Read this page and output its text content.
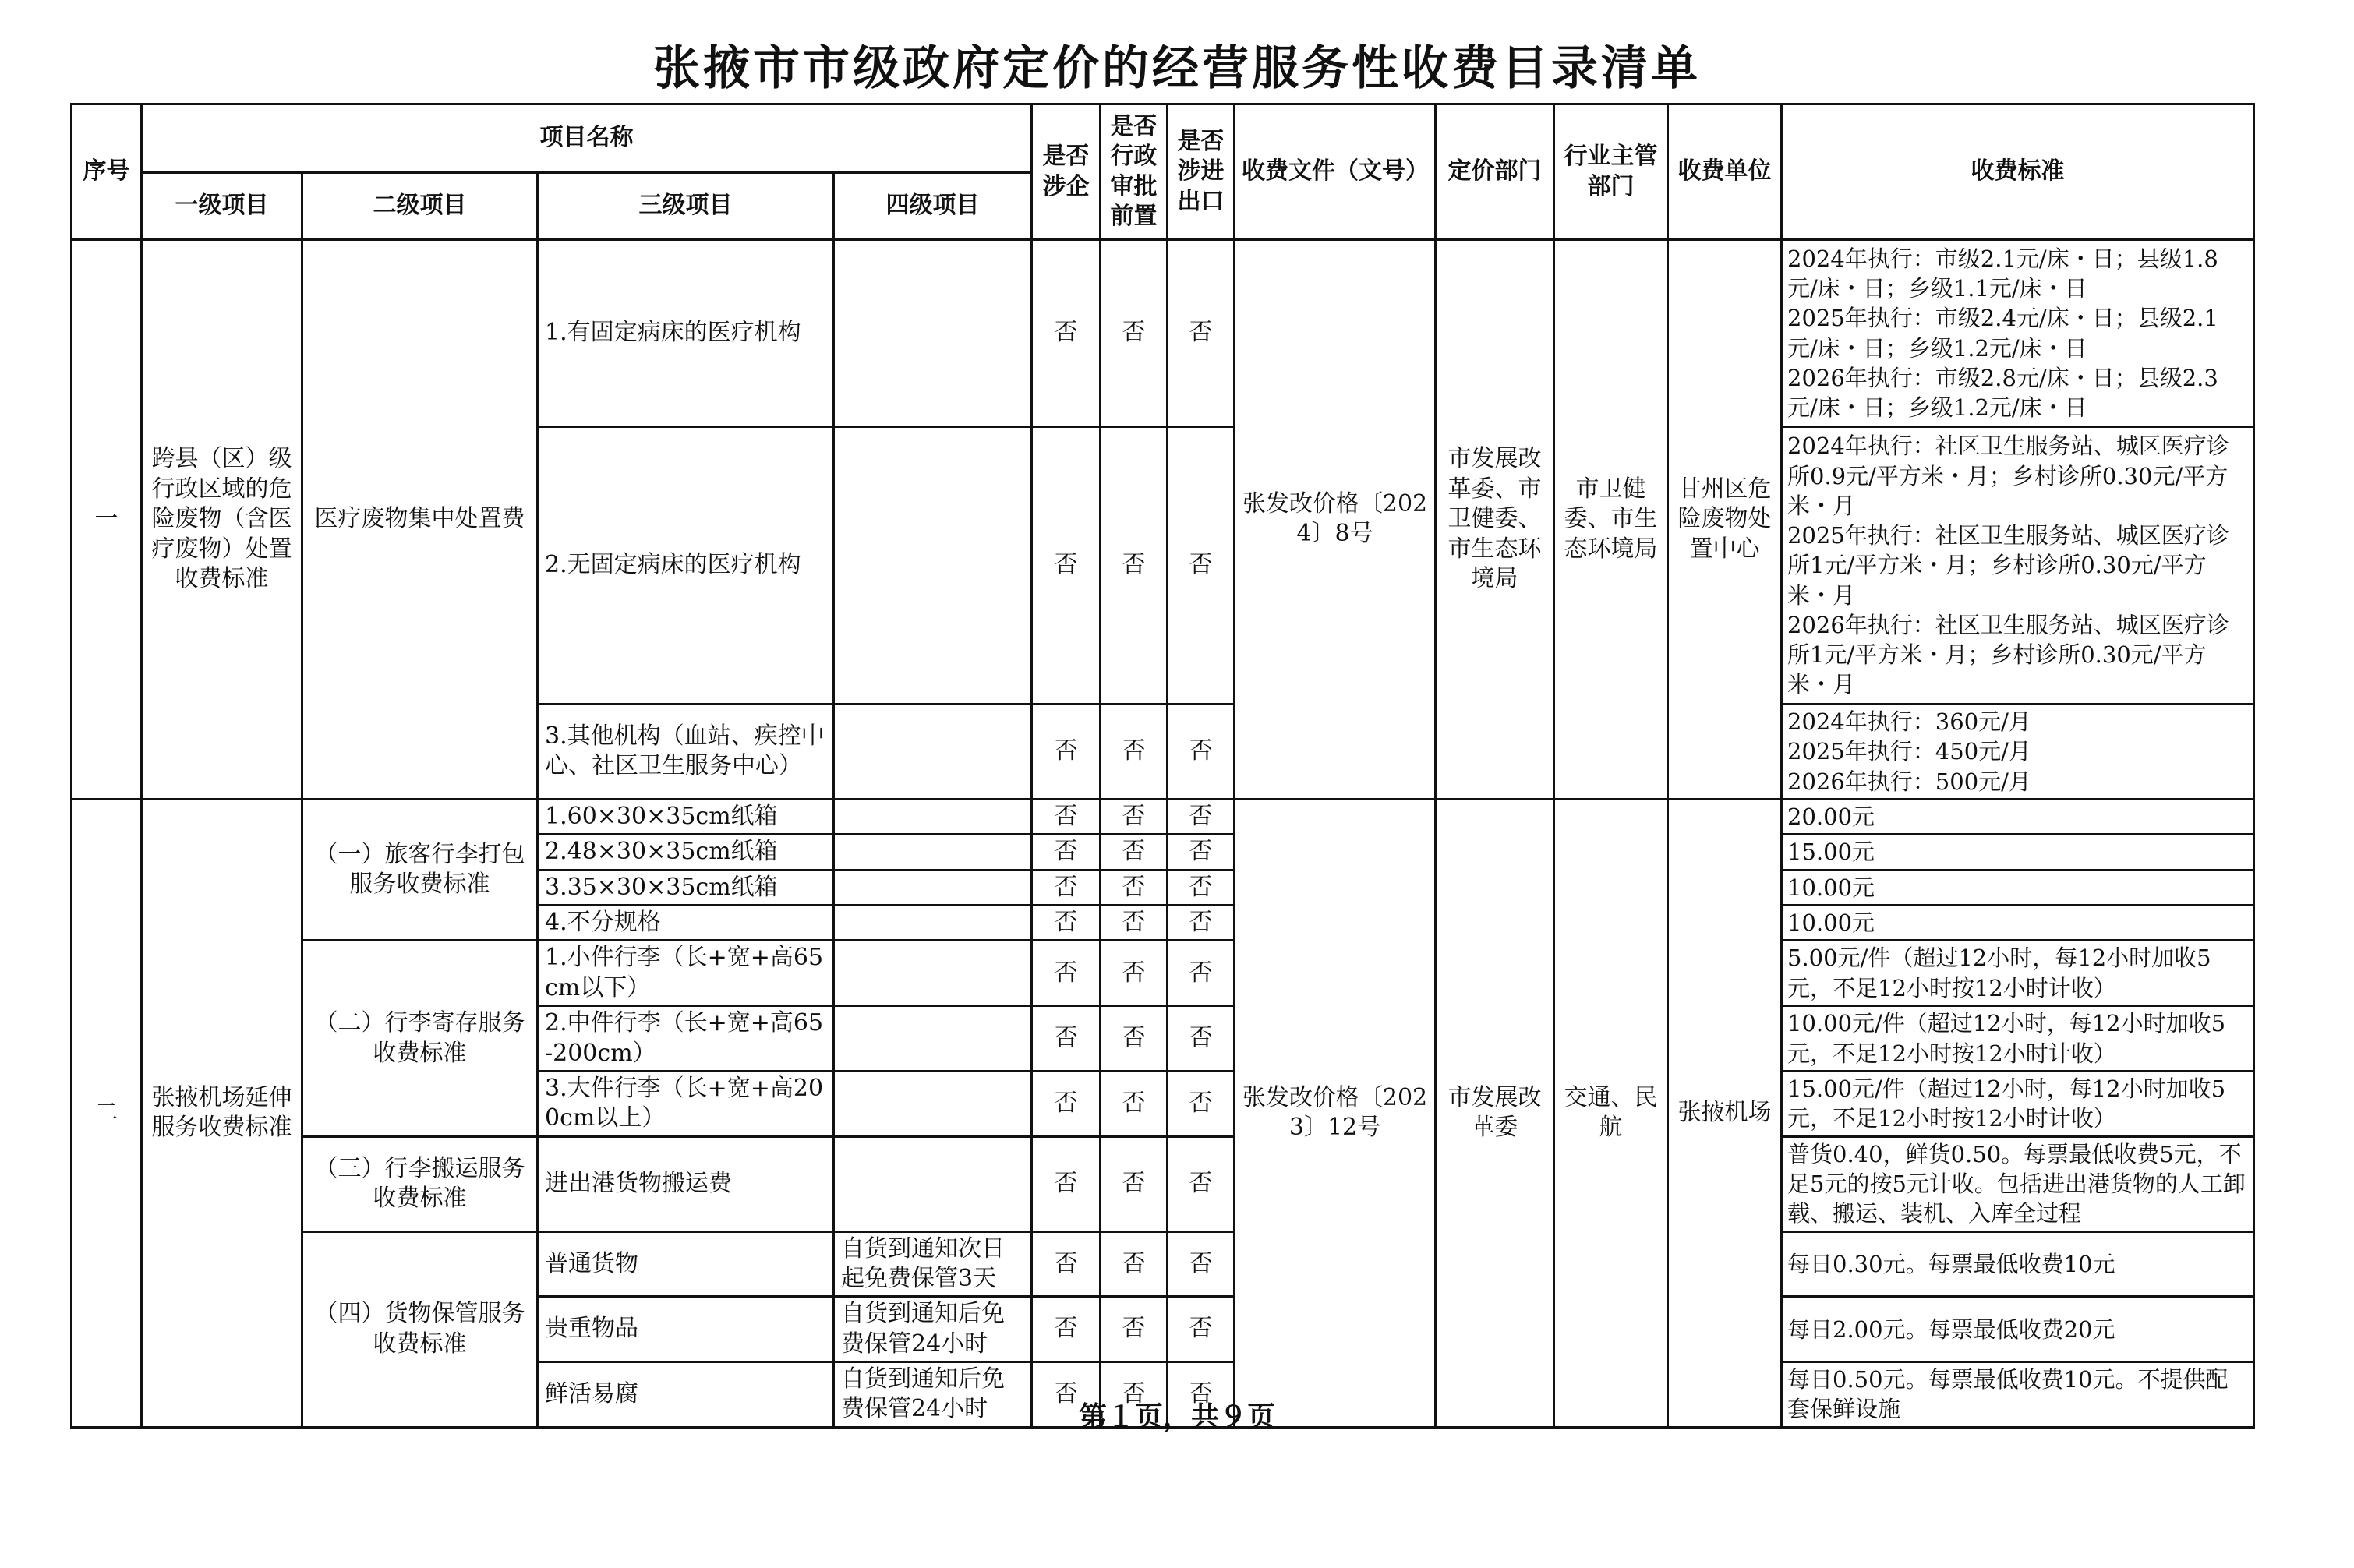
张掖市市级政府定价的经营服务性收费目录清单
序号	项目名称				是否涉企	是否行政审批前置	是否涉进出口	收费文件（文号）	定价部门	行业主管部门	收费单位	收费标准
	一级项目	二级项目	三级项目	四级项目								
一	跨县（区）级行政区域的危险废物（含医疗废物）处置收费标准	医疗废物集中处置费	1.有固定病床的医疗机构		否	否	否	张发改价格〔2024〕8号	市发展改革委、市卫健委、市生态环境局	市卫健委、市生态环境局	甘州区危险废物处置中心	2024年执行：市级2.1元/床・日；县级1.8元/床・日；乡级1.1元/床・日
2025年执行：市级2.4元/床・日；县级2.1元/床・日；乡级1.2元/床・日
2026年执行：市级2.8元/床・日；县级2.3元/床・日；乡级1.2元/床・日
			2.无固定病床的医疗机构		否	否	否					2024年执行：社区卫生服务站、城区医疗诊所0.9元/平方米・月；乡村诊所0.30元/平方米・月
2025年执行：社区卫生服务站、城区医疗诊所1元/平方米・月；乡村诊所0.30元/平方米・月
2026年执行：社区卫生服务站、城区医疗诊所1元/平方米・月；乡村诊所0.30元/平方米・月
			3.其他机构（血站、疾控中心、社区卫生服务中心）		否	否	否					2024年执行：360元/月
2025年执行：450元/月
2026年执行：500元/月
二	张掖机场延伸服务收费标准	（一）旅客行李打包服务收费标准	1.60×30×35cm纸箱		否	否	否	张发改价格〔2023〕12号	市发展改革委	交通、民航	张掖机场	20.00元
			2.48×30×35cm纸箱		否	否	否					15.00元
			3.35×30×35cm纸箱		否	否	否					10.00元
			4.不分规格		否	否	否					10.00元
		（二）行李寄存服务收费标准	1.小件行李（长+宽+高65cm以下）		否	否	否					5.00元/件（超过12小时，每12小时加收5元，不足12小时按12小时计收）
			2.中件行李（长+宽+高65-200cm）		否	否	否					10.00元/件（超过12小时，每12小时加收5元，不足12小时按12小时计收）
			3.大件行李（长+宽+高200cm以上）		否	否	否					15.00元/件（超过12小时，每12小时加收5元，不足12小时按12小时计收）
		（三）行李搬运服务收费标准	进出港货物搬运费		否	否	否					普货0.40，鲜货0.50。每票最低收费5元，不足5元的按5元计收。包括进出港货物的人工卸载、搬运、装机、入库全过程
		（四）货物保管服务收费标准	普通货物	自货到通知次日起免费保管3天	否	否	否					每日0.30元。每票最低收费10元
			贵重物品	自货到通知后免费保管24小时	否	否	否					每日2.00元。每票最低收费20元
			鲜活易腐	自货到通知后免费保管24小时	否	否	否					每日0.50元。每票最低收费10元。不提供配套保鲜设施
第１页，共９页
